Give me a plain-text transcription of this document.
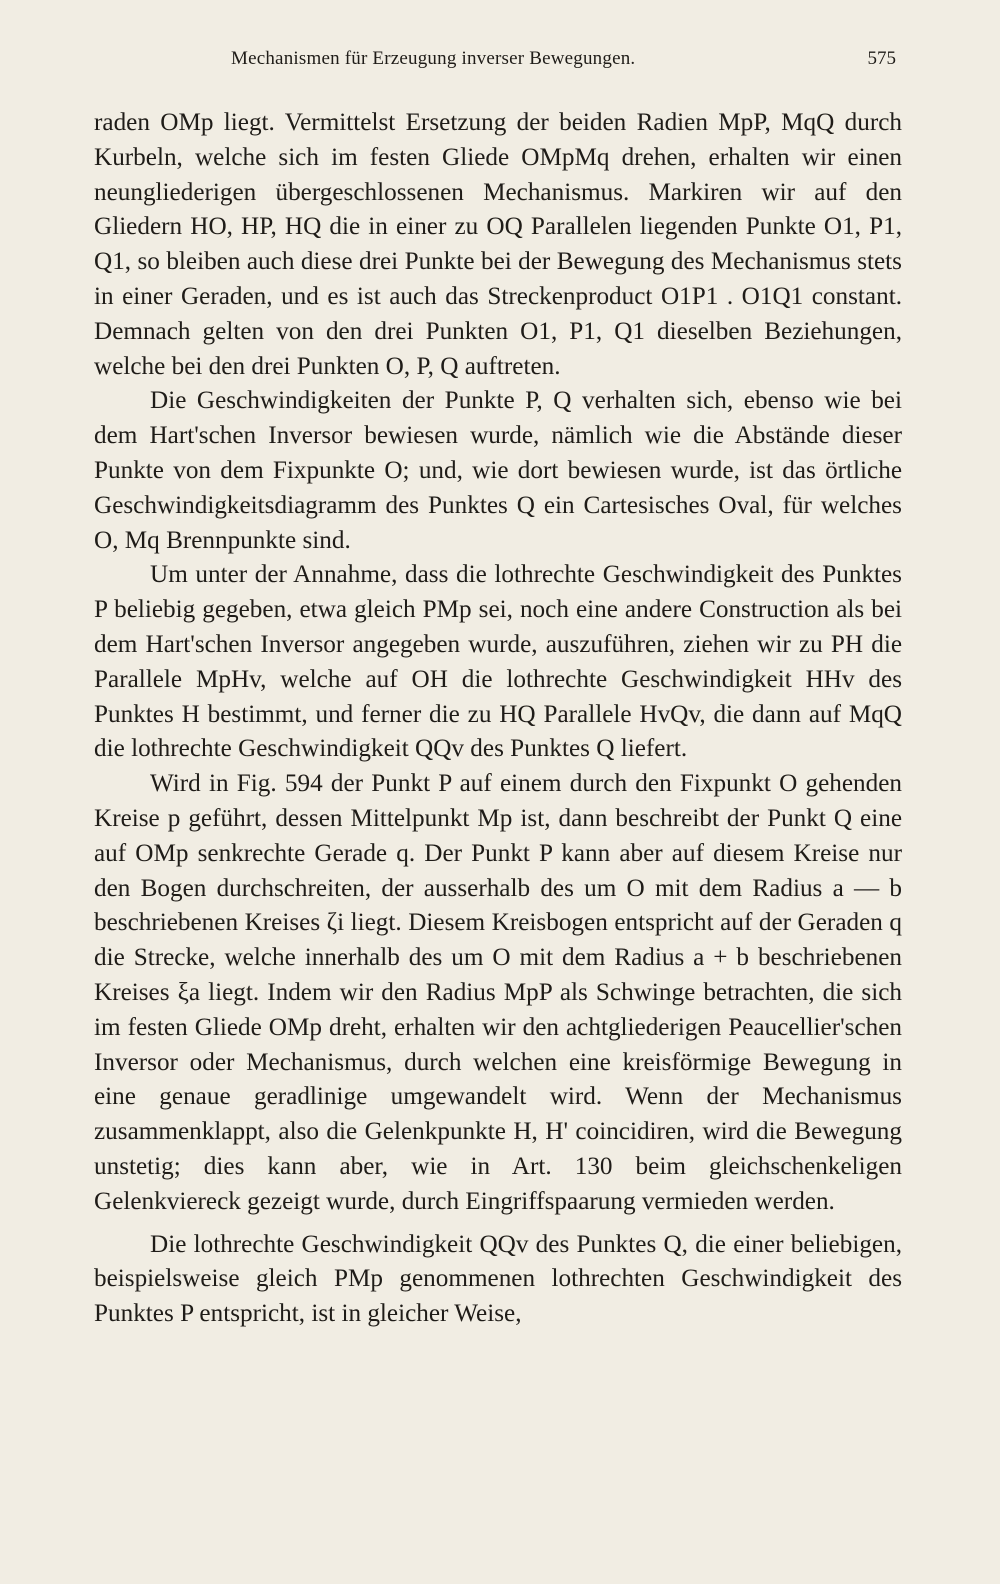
Mechanismen für Erzeugung inverser Bewegungen.	575

raden OMp liegt. Vermittelst Ersetzung der beiden Radien MpP, MqQ durch Kurbeln, welche sich im festen Gliede OMpMq drehen, erhalten wir einen neungliederigen übergeschlossenen Mechanismus. Markiren wir auf den Gliedern HO, HP, HQ die in einer zu OQ Parallelen liegenden Punkte O1, P1, Q1, so bleiben auch diese drei Punkte bei der Bewegung des Mechanismus stets in einer Geraden, und es ist auch das Streckenproduct O1P1 . O1Q1 constant. Demnach gelten von den drei Punkten O1, P1, Q1 dieselben Beziehungen, welche bei den drei Punkten O, P, Q auftreten.

Die Geschwindigkeiten der Punkte P, Q verhalten sich, ebenso wie bei dem Hart'schen Inversor bewiesen wurde, nämlich wie die Abstände dieser Punkte von dem Fixpunkte O; und, wie dort bewiesen wurde, ist das örtliche Geschwindigkeitsdiagramm des Punktes Q ein Cartesisches Oval, für welches O, Mq Brennpunkte sind.

Um unter der Annahme, dass die lothrechte Geschwindigkeit des Punktes P beliebig gegeben, etwa gleich PMp sei, noch eine andere Construction als bei dem Hart'schen Inversor angegeben wurde, auszuführen, ziehen wir zu PH die Parallele MpHv, welche auf OH die lothrechte Geschwindigkeit HHv des Punktes H bestimmt, und ferner die zu HQ Parallele HvQv, die dann auf MqQ die lothrechte Geschwindigkeit QQv des Punktes Q liefert.

Wird in Fig. 594 der Punkt P auf einem durch den Fixpunkt O gehenden Kreise p geführt, dessen Mittelpunkt Mp ist, dann beschreibt der Punkt Q eine auf OMp senkrechte Gerade q. Der Punkt P kann aber auf diesem Kreise nur den Bogen durchschreiten, der ausserhalb des um O mit dem Radius a — b beschriebenen Kreises ζi liegt. Diesem Kreisbogen entspricht auf der Geraden q die Strecke, welche innerhalb des um O mit dem Radius a + b beschriebenen Kreises ξa liegt. Indem wir den Radius MpP als Schwinge betrachten, die sich im festen Gliede OMp dreht, erhalten wir den achtgliederigen Peaucellier'schen Inversor oder Mechanismus, durch welchen eine kreisförmige Bewegung in eine genaue geradlinige umgewandelt wird. Wenn der Mechanismus zusammenklappt, also die Gelenkpunkte H, H' coincidiren, wird die Bewegung unstetig; dies kann aber, wie in Art. 130 beim gleichschenkeligen Gelenkviereck gezeigt wurde, durch Eingriffspaarung vermieden werden.

Die lothrechte Geschwindigkeit QQv des Punktes Q, die einer beliebigen, beispielsweise gleich PMp genommenen lothrechten Geschwindigkeit des Punktes P entspricht, ist in gleicher Weise,
